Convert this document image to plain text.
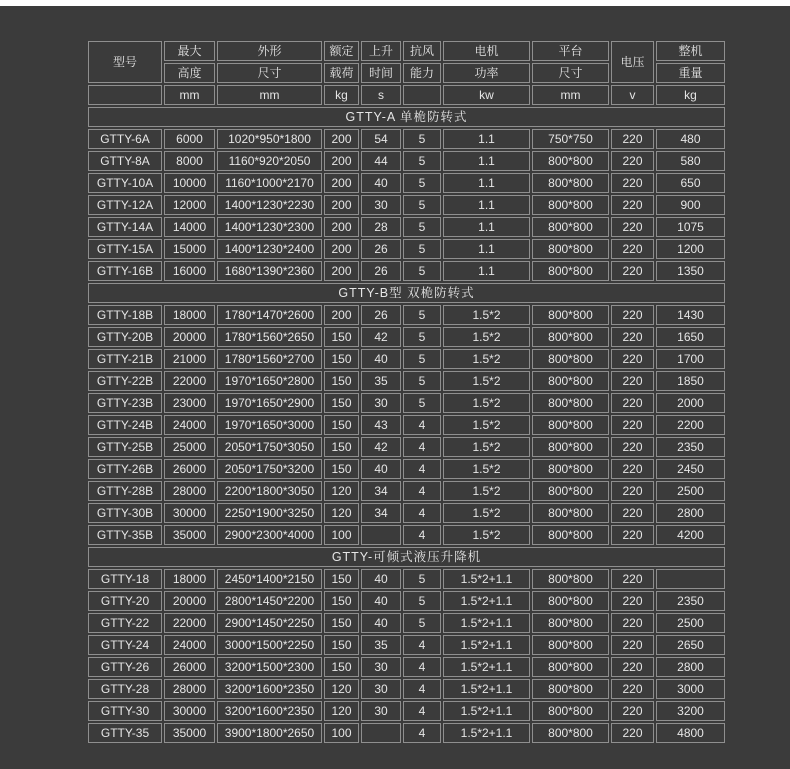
型号	最大	外形	额定	上升	抗风	电机	平台	电压	整机
	高度	尺寸	载荷	时间	能力	功率	尺寸		重量
	mm	mm	kg	s		kw	mm	v	kg
GTTY-A 单桅防转式									
GTTY-6A	6000	1020*950*1800	200	54	5	1.1	750*750	220	480
GTTY-8A	8000	1160*920*2050	200	44	5	1.1	800*800	220	580
GTTY-10A	10000	1160*1000*2170	200	40	5	1.1	800*800	220	650
GTTY-12A	12000	1400*1230*2230	200	30	5	1.1	800*800	220	900
GTTY-14A	14000	1400*1230*2300	200	28	5	1.1	800*800	220	1075
GTTY-15A	15000	1400*1230*2400	200	26	5	1.1	800*800	220	1200
GTTY-16B	16000	1680*1390*2360	200	26	5	1.1	800*800	220	1350
GTTY-B型 双桅防转式									
GTTY-18B	18000	1780*1470*2600	200	26	5	1.5*2	800*800	220	1430
GTTY-20B	20000	1780*1560*2650	150	42	5	1.5*2	800*800	220	1650
GTTY-21B	21000	1780*1560*2700	150	40	5	1.5*2	800*800	220	1700
GTTY-22B	22000	1970*1650*2800	150	35	5	1.5*2	800*800	220	1850
GTTY-23B	23000	1970*1650*2900	150	30	5	1.5*2	800*800	220	2000
GTTY-24B	24000	1970*1650*3000	150	43	4	1.5*2	800*800	220	2200
GTTY-25B	25000	2050*1750*3050	150	42	4	1.5*2	800*800	220	2350
GTTY-26B	26000	2050*1750*3200	150	40	4	1.5*2	800*800	220	2450
GTTY-28B	28000	2200*1800*3050	120	34	4	1.5*2	800*800	220	2500
GTTY-30B	30000	2250*1900*3250	120	34	4	1.5*2	800*800	220	2800
GTTY-35B	35000	2900*2300*4000	100		4	1.5*2	800*800	220	4200
GTTY-可倾式液压升降机									
GTTY-18	18000	2450*1400*2150	150	40	5	1.5*2+1.1	800*800	220	
GTTY-20	20000	2800*1450*2200	150	40	5	1.5*2+1.1	800*800	220	2350
GTTY-22	22000	2900*1450*2250	150	40	5	1.5*2+1.1	800*800	220	2500
GTTY-24	24000	3000*1500*2250	150	35	4	1.5*2+1.1	800*800	220	2650
GTTY-26	26000	3200*1500*2300	150	30	4	1.5*2+1.1	800*800	220	2800
GTTY-28	28000	3200*1600*2350	120	30	4	1.5*2+1.1	800*800	220	3000
GTTY-30	30000	3200*1600*2350	120	30	4	1.5*2+1.1	800*800	220	3200
GTTY-35	35000	3900*1800*2650	100		4	1.5*2+1.1	800*800	220	4800
